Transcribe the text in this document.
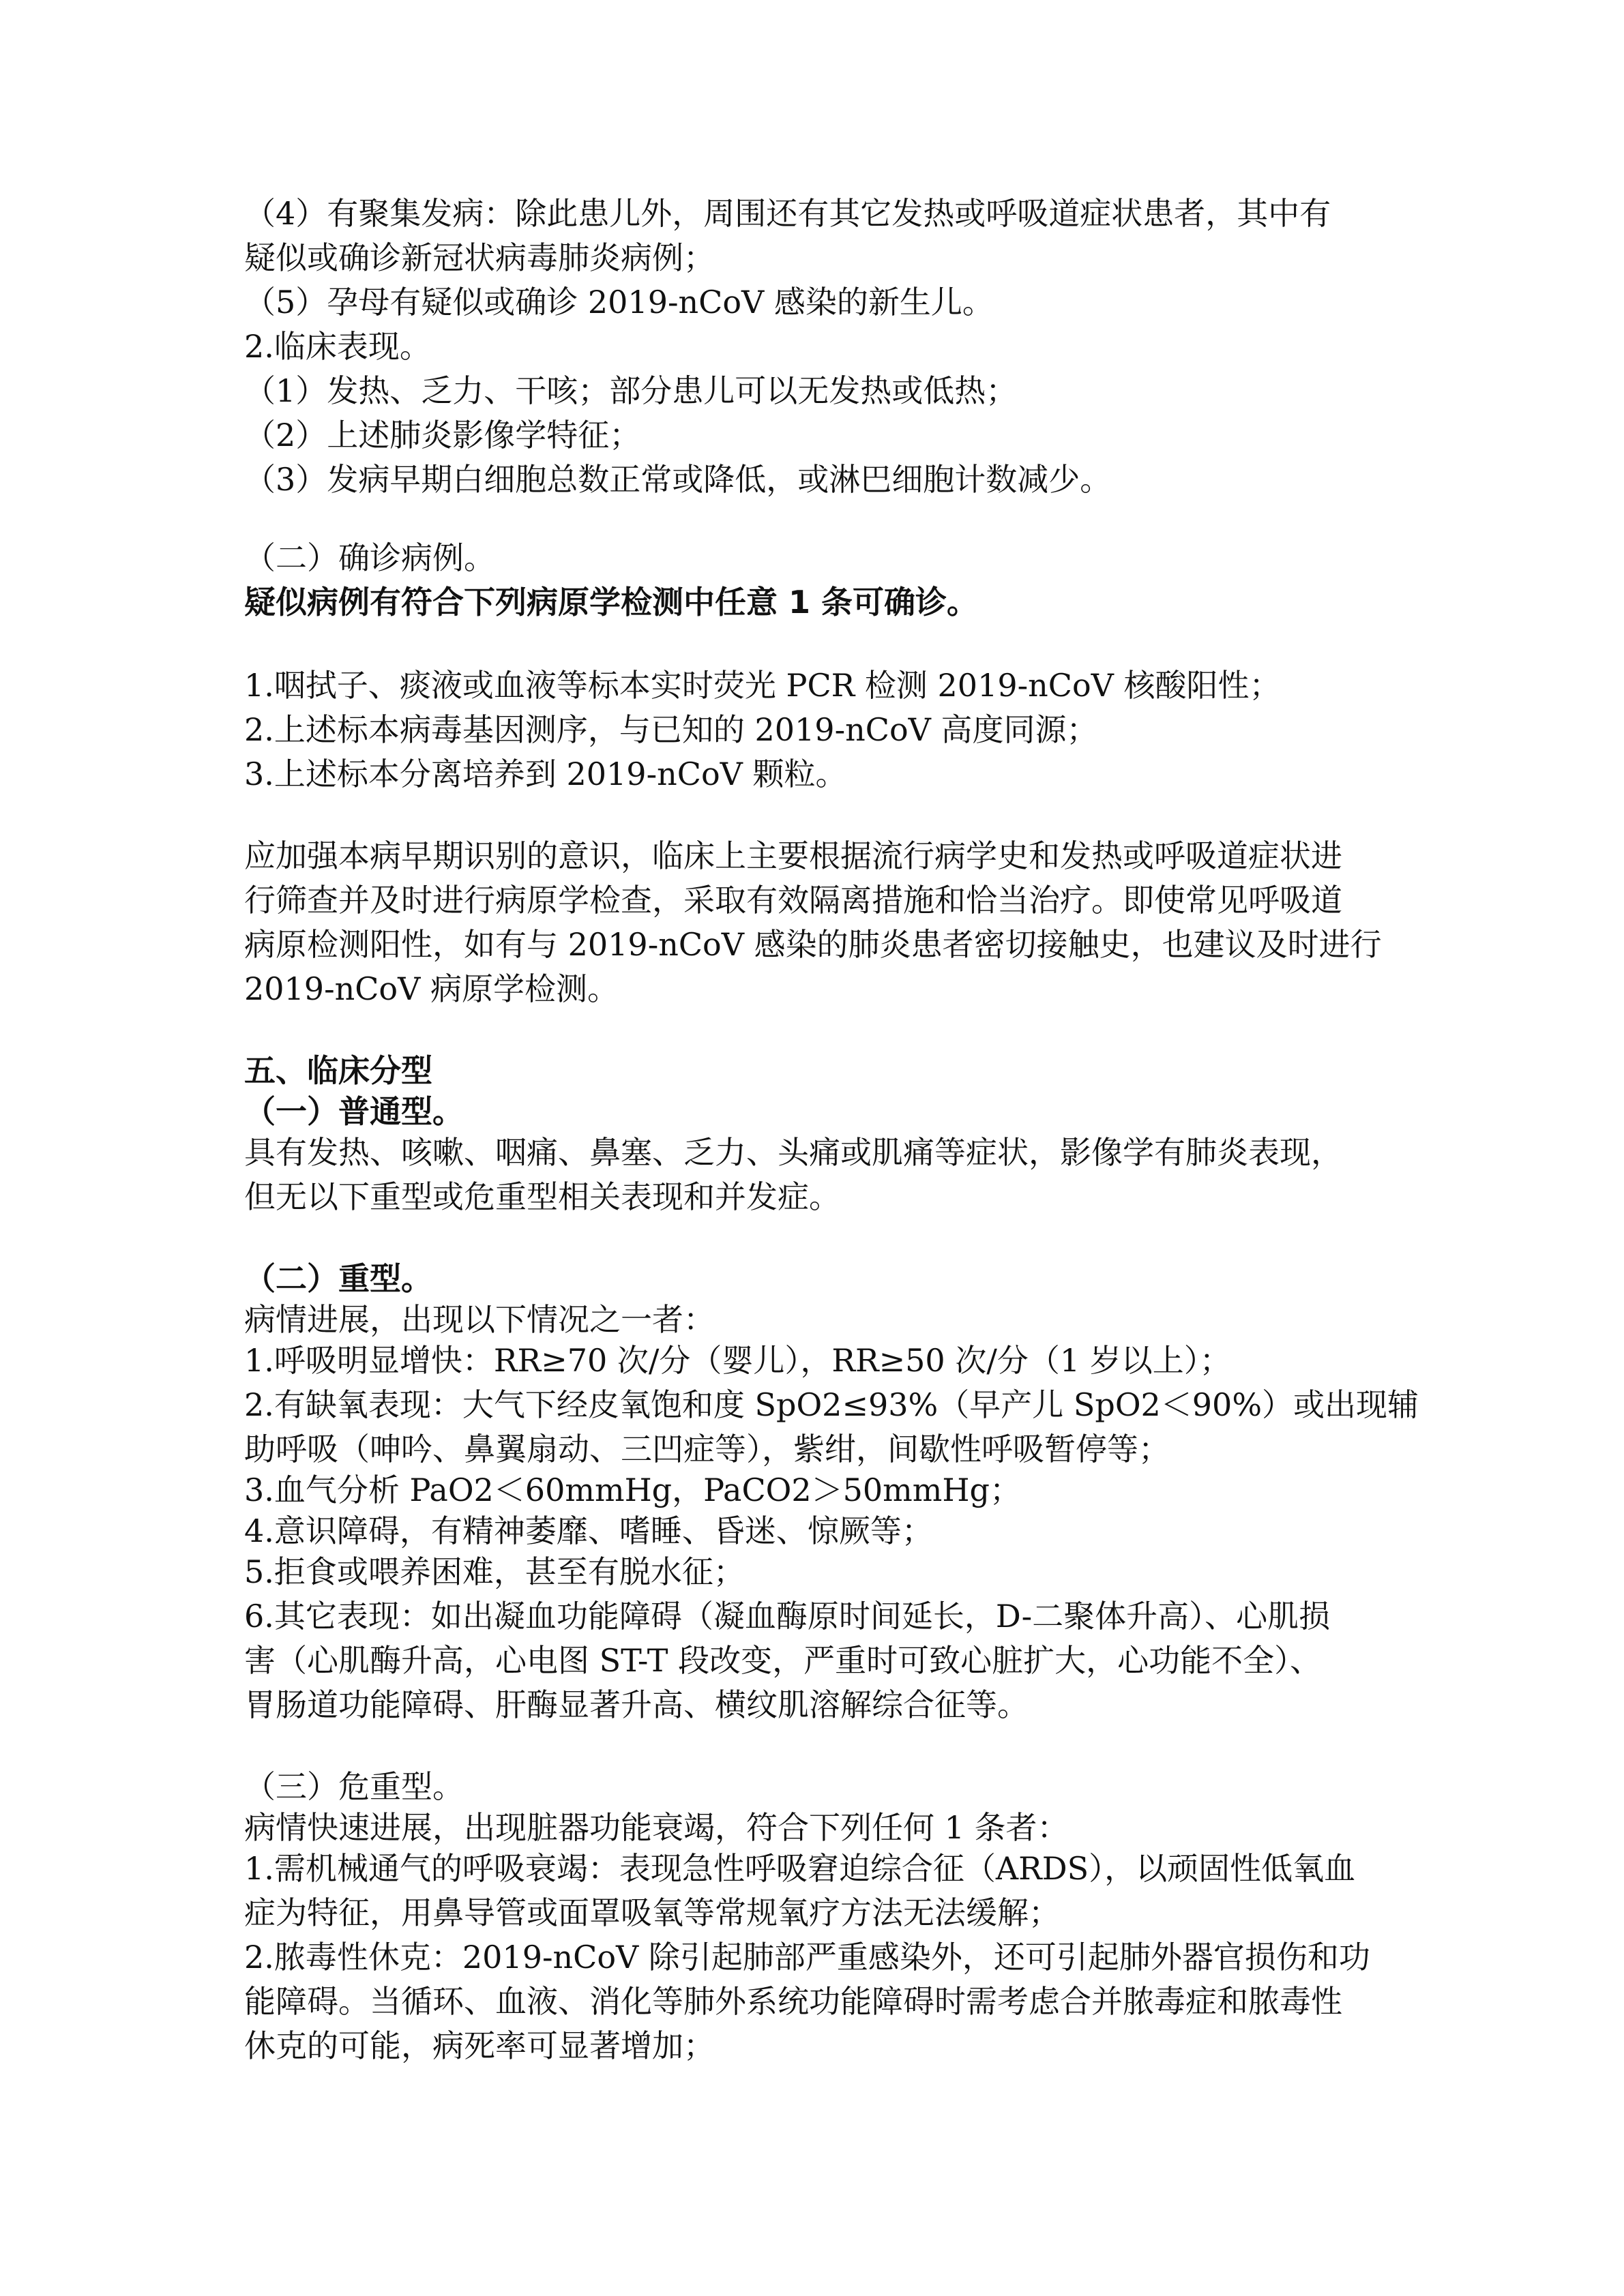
（4）有聚集发病：除此患儿外，周围还有其它发热或呼吸道症状患者，其中有

疑似或确诊新冠状病毒肺炎病例；

（5）孕母有疑似或确诊 2019-nCoV 感染的新生儿。

2.临床表现。

（1）发热、乏力、干咳；部分患儿可以无发热或低热；

（2）上述肺炎影像学特征；

（3）发病早期白细胞总数正常或降低，或淋巴细胞计数减少。

（二）确诊病例。

疑似病例有符合下列病原学检测中任意 1 条可确诊。

1.咽拭子、痰液或血液等标本实时荧光 PCR 检测 2019-nCoV 核酸阳性；

2.上述标本病毒基因测序，与已知的 2019-nCoV 高度同源；

3.上述标本分离培养到 2019-nCoV 颗粒。

应加强本病早期识别的意识，临床上主要根据流行病学史和发热或呼吸道症状进

行筛查并及时进行病原学检查，采取有效隔离措施和恰当治疗。即使常见呼吸道

病原检测阳性，如有与 2019-nCoV 感染的肺炎患者密切接触史，也建议及时进行

2019-nCoV 病原学检测。

五、临床分型

（一）普通型。

具有发热、咳嗽、咽痛、鼻塞、乏力、头痛或肌痛等症状，影像学有肺炎表现，

但无以下重型或危重型相关表现和并发症。

（二）重型。

病情进展，出现以下情况之一者：

1.呼吸明显增快：RR≥70 次/分（婴儿），RR≥50 次/分（1 岁以上）；

2.有缺氧表现：大气下经皮氧饱和度 SpO2≤93%（早产儿 SpO2＜90%）或出现辅

助呼吸（呻吟、鼻翼扇动、三凹症等），紫绀，间歇性呼吸暂停等；

3.血气分析 PaO2＜60mmHg，PaCO2＞50mmHg；

4.意识障碍，有精神萎靡、嗜睡、昏迷、惊厥等；

5.拒食或喂养困难，甚至有脱水征；

6.其它表现：如出凝血功能障碍（凝血酶原时间延长，D-二聚体升高）、心肌损

害（心肌酶升高，心电图 ST-T 段改变，严重时可致心脏扩大，心功能不全）、

胃肠道功能障碍、肝酶显著升高、横纹肌溶解综合征等。

（三）危重型。

病情快速进展，出现脏器功能衰竭，符合下列任何 1 条者：

1.需机械通气的呼吸衰竭：表现急性呼吸窘迫综合征（ARDS），以顽固性低氧血

症为特征，用鼻导管或面罩吸氧等常规氧疗方法无法缓解；

2.脓毒性休克：2019-nCoV 除引起肺部严重感染外，还可引起肺外器官损伤和功

能障碍。当循环、血液、消化等肺外系统功能障碍时需考虑合并脓毒症和脓毒性

休克的可能，病死率可显著增加；
